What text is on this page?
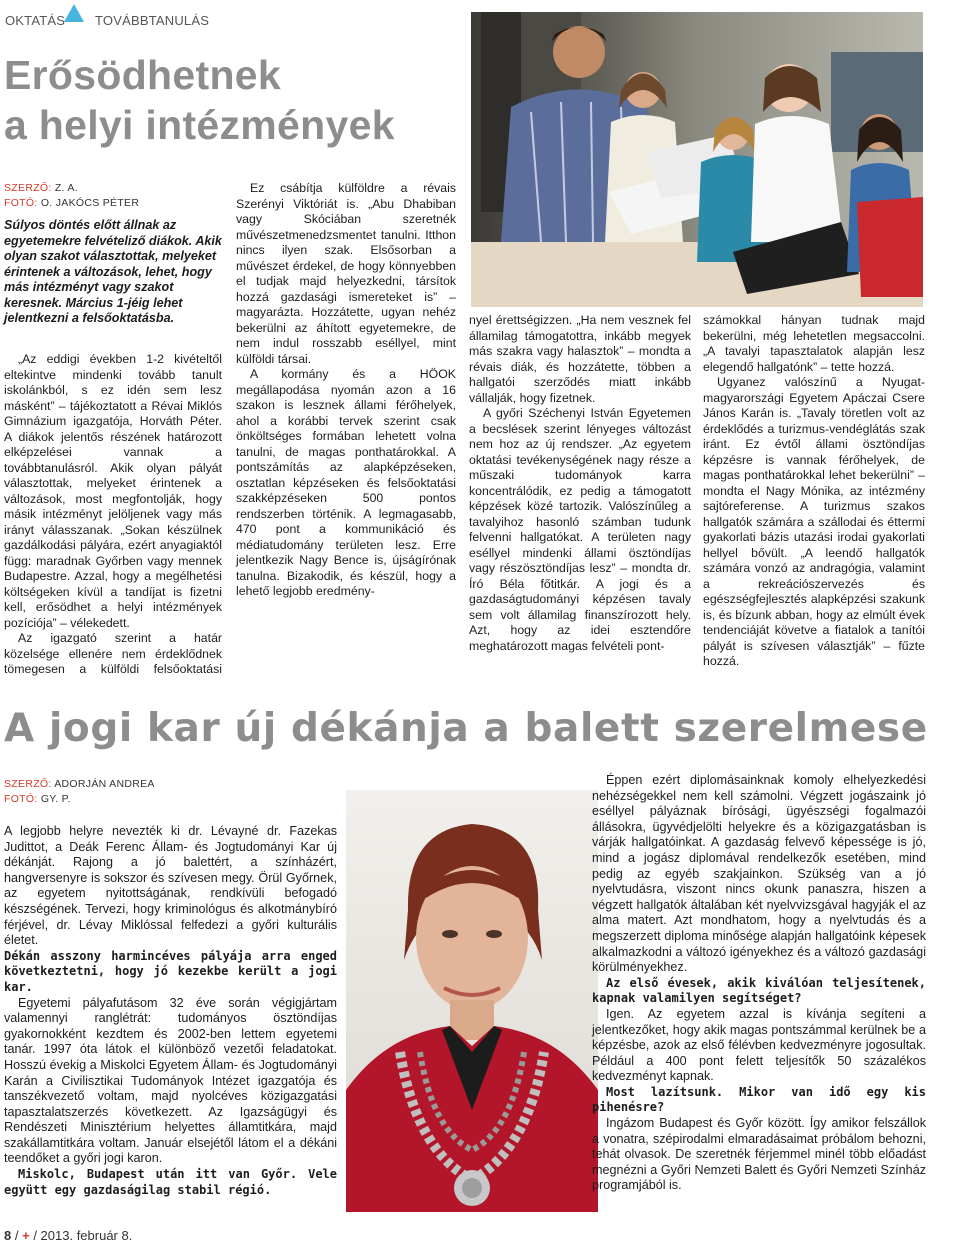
OKTATÁS TOVÁBBTANULÁS
Erősödhetnek
a helyi intézmények
SZERZŐ: Z. A.
FOTÓ: O. JAKÓCS PÉTER
Súlyos döntés előtt állnak az egyetemekre felvételiző diákok. Akik olyan szakot választottak, melyeket érintenek a változások, lehet, hogy más intézményt vagy szakot keresnek. Március 1-jéig lehet jelentkezni a felsőoktatásba.

„Az eddigi években 1-2 kivételtől eltekintve mindenki tovább tanult iskolánkból, s ez idén sem lesz másként” – tájékoztatott a Révai Miklós Gimnázium igazgatója, Horváth Péter. A diákok jelentős részének határozott elképzelései vannak a továbbtanulásról. Akik olyan pályát választottak, melyeket érintenek a változások, most megfontolják, hogy másik intézményt jelöljenek vagy más irányt válasszanak. „Sokan készülnek gazdálkodási pályára, ezért anyagiaktól függ: maradnak Győrben vagy mennek Budapestre. Azzal, hogy a megélhetési költségeken kívül a tandíjat is fizetni kell, erősödhet a helyi intézmények pozíciója” – vélekedett.

Az igazgató szerint a határ közelsége ellenére nem érdeklődnek tömegesen a külföldi felsőoktatási

Ez csábítja külföldre a révais Szerényi Viktóriát is. „Abu Dhabiban vagy Skóciában szeretnék művészetmenedzsmentet tanulni. Itthon nincs ilyen szak. Elsősorban a művészet érdekel, de hogy könnyebben el tudjak majd helyezkedni, társítok hozzá gazdasági ismereteket is” – magyarázta. Hozzátette, ugyan nehéz bekerülni az áhított egyetemekre, de nem indul rosszabb eséllyel, mint külföldi társai.

A kormány és a HÖOK megállapodása nyomán azon a 16 szakon is lesznek állami férőhelyek, ahol a korábbi tervek szerint csak önköltséges formában lehetett volna tanulni, de magas ponthatárokkal. A pontszámítás az alapképzéseken, osztatlan képzéseken és felsőoktatási szakképzéseken 500 pontos rendszerben történik. A legmagasabb, 470 pont a kommunikáció és médiatudomány területen lesz. Erre jelentkezik Nagy Bence is, újságírónak tanulna. Bizakodik, és készül, hogy a lehető legjobb eredmény-

nyel érettségizzen. „Ha nem vesznek fel államilag támogatottra, inkább megyek más szakra vagy halasztok” – mondta a révais diák, és hozzátette, többen a hallgatói szerződés miatt inkább vállalják, hogy fizetnek.

A győri Széchenyi István Egyetemen a becslések szerint lényeges változást nem hoz az új rendszer. „Az egyetem oktatási tevékenységének nagy része a műszaki tudományok karra koncentrálódik, ez pedig a támogatott képzések közé tartozik. Valószínűleg a tavalyihoz hasonló számban tudunk felvenni hallgatókat. A területen nagy eséllyel mindenki állami ösztöndíjas vagy részösztöndíjas lesz” – mondta dr. Író Béla főtitkár. A jogi és a gazdaságtudományi képzésen tavaly sem volt államilag finanszírozott hely. Azt, hogy az idei esztendőre meghatározott magas felvételi pont-

számokkal hányan tudnak majd bekerülni, még lehetetlen megsaccolni. „A tavalyi tapasztalatok alapján lesz elegendő hallgatónk” – tette hozzá.

Ugyanez valószínű a Nyugat-magyarországi Egyetem Apáczai Csere János Karán is. „Tavaly töretlen volt az érdeklődés a turizmus-vendéglátás szak iránt. Ez évtől állami ösztöndíjas képzésre is vannak férőhelyek, de magas ponthatárokkal lehet bekerülni” – mondta el Nagy Mónika, az intézmény sajtóreferense. A turizmus szakos hallgatók számára a szállodai és éttermi gyakorlati bázis utazási irodai gyakorlati hellyel bővült. „A leendő hallgatók számára vonzó az andragógia, valamint a rekreációszervezés és egészségfejlesztés alapképzési szakunk is, és bízunk abban, hogy az elmúlt évek tendenciáját követve a fiatalok a tanítói pályát is szívesen választják” – fűzte hozzá.

A jogi kar új dékánja a balett szerelmese
SZERZŐ: ADORJÁN ANDREA
FOTÓ: GY. P.

A legjobb helyre nevezték ki dr. Lévayné dr. Fazekas Judittot, a Deák Ferenc Állam- és Jogtudományi Kar új dékánját. Rajong a jó balettért, a színházért, hangversenyre is sokszor és szívesen megy. Örül Győrnek, az egyetem nyitottságának, rendkívüli befogadó készségének. Tervezi, hogy kriminológus és alkotmánybíró férjével, dr. Lévay Miklóssal felfedezi a győri kulturális életet.

Dékán asszony harmincéves pályája arra enged következtetni, hogy jó kezekbe került a jogi kar.

Egyetemi pályafutásom 32 éve során végigjártam valamennyi ranglétrát: tudományos ösztöndíjas gyakornokként kezdtem és 2002-ben lettem egyetemi tanár. 1997 óta látok el különböző vezetői feladatokat. Hosszú évekig a Miskolci Egyetem Állam- és Jogtudományi Karán a Civilisztikai Tudományok Intézet igazgatója és tanszékvezető voltam, majd nyolcéves közigazgatási tapasztalatszerzés következett. Az Igazságügyi és Rendészeti Minisztérium helyettes államtitkára, majd szakállamtitkára voltam. Január elsejétől látom el a dékáni teendőket a győri jogi karon.

Miskolc, Budapest után itt van Győr. Vele együtt egy gazdaságilag stabil régió.

Éppen ezért diplomásainknak komoly elhelyezkedési nehézségekkel nem kell számolni. Végzett jogászaink jó eséllyel pályáznak bírósági, ügyészségi fogalmazói állásokra, ügyvédjelölti helyekre és a közigazgatásban is várják hallgatóinkat. A gazdaság felvevő képessége is jó, mind a jogász diplomával rendelkezők esetében, mind pedig az egyéb szakjainkon. Szükség van a jó nyelvtudásra, viszont nincs okunk panaszra, hiszen a végzett hallgatók általában két nyelvvizsgával hagyják el az alma matert. Azt mondhatom, hogy a nyelvtudás és a megszerzett diploma minősége alapján hallgatóink képesek alkalmazkodni a változó igényekhez és a változó gazdasági körülményekhez.

Az első évesek, akik kiválóan teljesítenek, kapnak valamilyen segítséget?

Igen. Az egyetem azzal is kívánja segíteni a jelentkezőket, hogy akik magas pontszámmal kerülnek be a képzésbe, azok az első félévben kedvezményre jogosultak. Például a 400 pont felett teljesítők 50 százalékos kedvezményt kapnak.

Most lazítsunk. Mikor van idő egy kis pihenésre?

Ingázom Budapest és Győr között. Így amikor felszállok a vonatra, szépirodalmi elmaradásaimat próbálom behozni, tehát olvasok. De szeretnék férjemmel minél több előadást megnézni a Győri Nemzeti Balett és Győri Nemzeti Színház programjából is.

8 / + / 2013. február 8.
